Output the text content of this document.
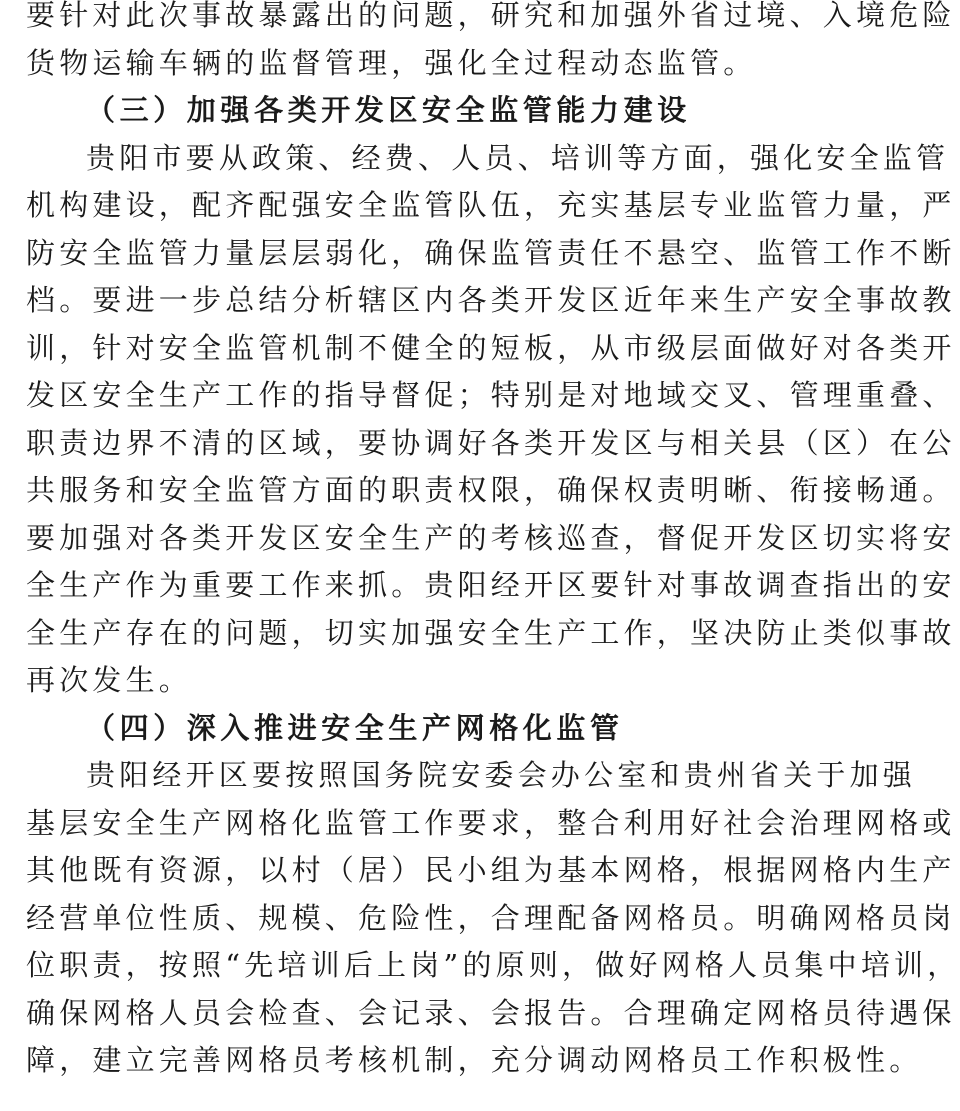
要针对此次事故暴露出的问题，研究和加强外省过境、入境危险
货物运输车辆的监督管理，强化全过程动态监管。
（三）加强各类开发区安全监管能力建设
贵阳市要从政策、经费、人员、培训等方面，强化安全监管
机构建设，配齐配强安全监管队伍，充实基层专业监管力量，严
防安全监管力量层层弱化，确保监管责任不悬空、监管工作不断
档。要进一步总结分析辖区内各类开发区近年来生产安全事故教
训，针对安全监管机制不健全的短板，从市级层面做好对各类开
发区安全生产工作的指导督促；特别是对地域交叉、管理重叠、
职责边界不清的区域，要协调好各类开发区与相关县（区）在公
共服务和安全监管方面的职责权限，确保权责明晰、衔接畅通。
要加强对各类开发区安全生产的考核巡查，督促开发区切实将安
全生产作为重要工作来抓。贵阳经开区要针对事故调查指出的安
全生产存在的问题，切实加强安全生产工作，坚决防止类似事故
再次发生。
（四）深入推进安全生产网格化监管
贵阳经开区要按照国务院安委会办公室和贵州省关于加强
基层安全生产网格化监管工作要求，整合利用好社会治理网格或
其他既有资源，以村（居）民小组为基本网格，根据网格内生产
经营单位性质、规模、危险性，合理配备网格员。明确网格员岗
位职责，按照“先培训后上岗”的原则，做好网格人员集中培训，
确保网格人员会检查、会记录、会报告。合理确定网格员待遇保
障，建立完善网格员考核机制，充分调动网格员工作积极性。
